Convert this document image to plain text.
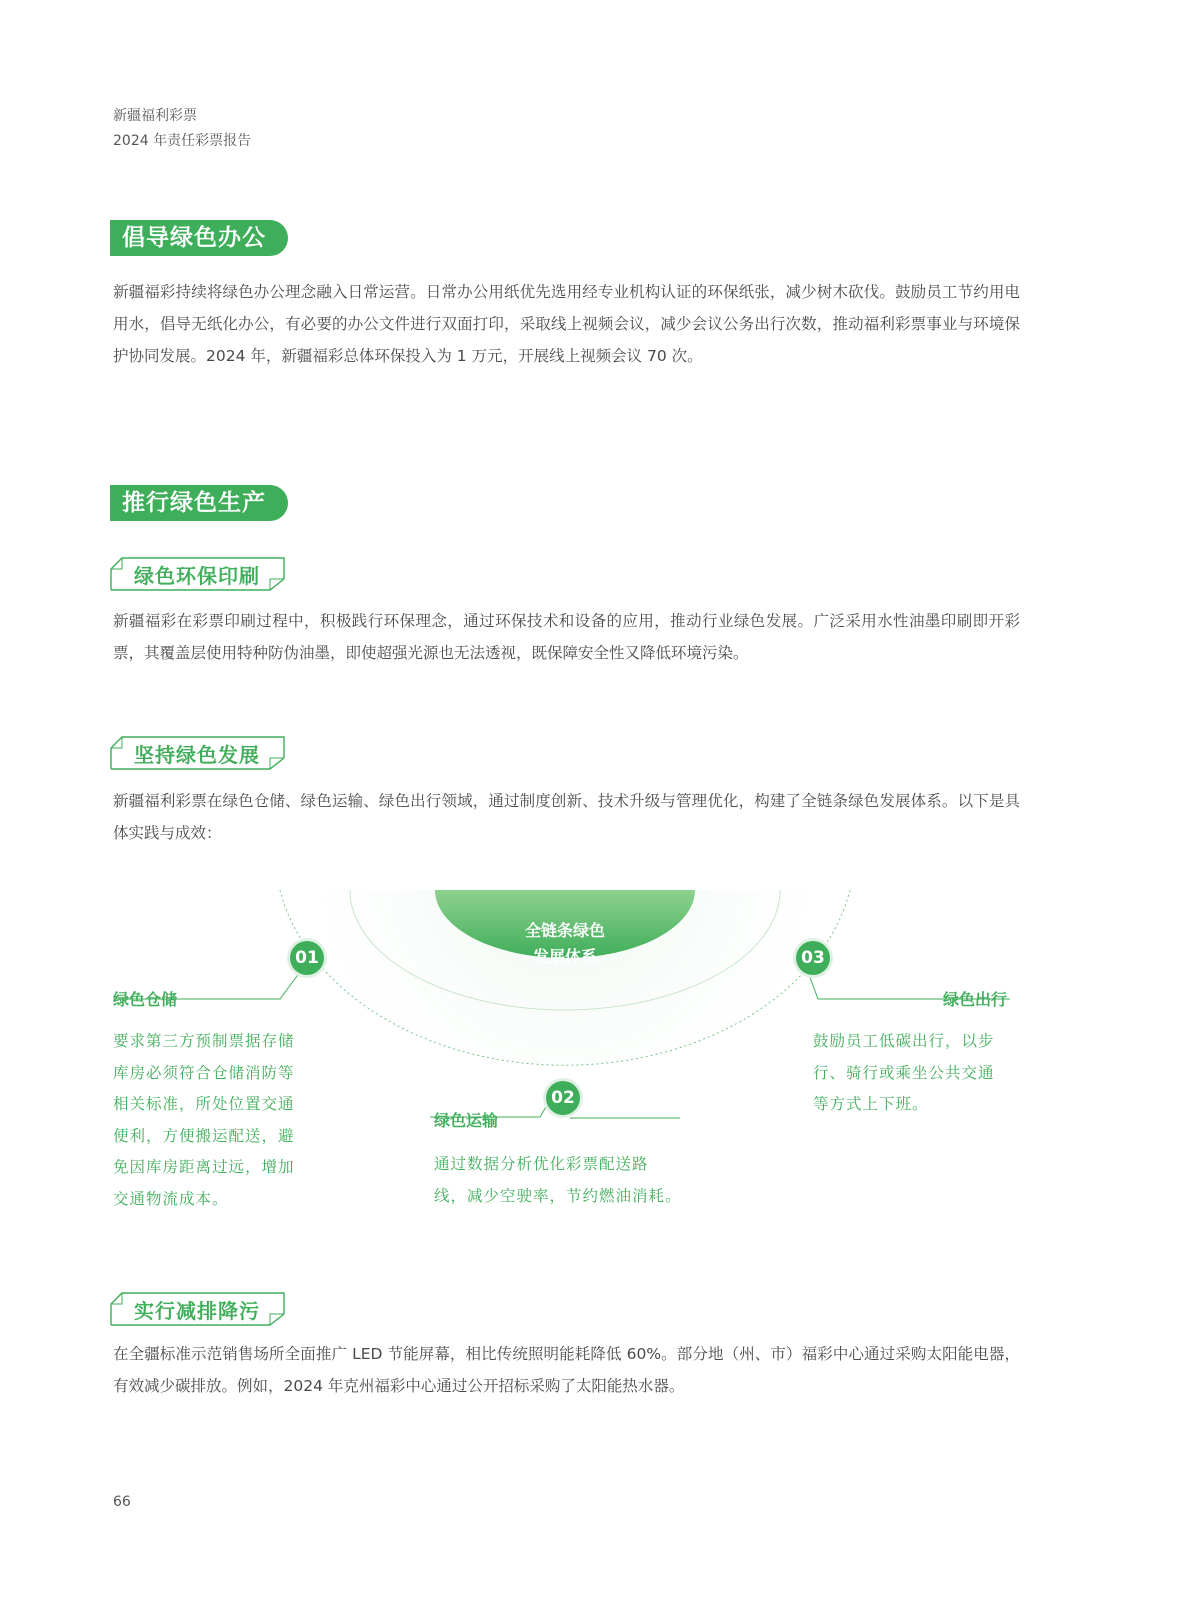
新疆福利彩票
2024 年责任彩票报告
倡导绿色办公
新疆福彩持续将绿色办公理念融入日常运营。日常办公用纸优先选用经专业机构认证的环保纸张，减少树木砍伐。鼓励员工节约用电用水，倡导无纸化办公，有必要的办公文件进行双面打印，采取线上视频会议，减少会议公务出行次数，推动福利彩票事业与环境保护协同发展。2024 年，新疆福彩总体环保投入为 1 万元，开展线上视频会议 70 次。
推行绿色生产
绿色环保印刷
新疆福彩在彩票印刷过程中，积极践行环保理念，通过环保技术和设备的应用，推动行业绿色发展。广泛采用水性油墨印刷即开彩票，其覆盖层使用特种防伪油墨，即使超强光源也无法透视，既保障安全性又降低环境污染。
坚持绿色发展
新疆福利彩票在绿色仓储、绿色运输、绿色出行领域，通过制度创新、技术升级与管理优化，构建了全链条绿色发展体系。以下是具体实践与成效：
全链条绿色
发展体系
01
绿色仓储
要求第三方预制票据存储
库房必须符合仓储消防等
相关标准，所处位置交通
便利，方便搬运配送，避
免因库房距离过远，增加
交通物流成本。
02
绿色运输
通过数据分析优化彩票配送路
线，减少空驶率，节约燃油消耗。
03
绿色出行
鼓励员工低碳出行，以步
行、骑行或乘坐公共交通
等方式上下班。
实行减排降污
在全疆标准示范销售场所全面推广 LED 节能屏幕，相比传统照明能耗降低 60%。部分地（州、市）福彩中心通过采购太阳能电器，有效减少碳排放。例如，2024 年克州福彩中心通过公开招标采购了太阳能热水器。
66
